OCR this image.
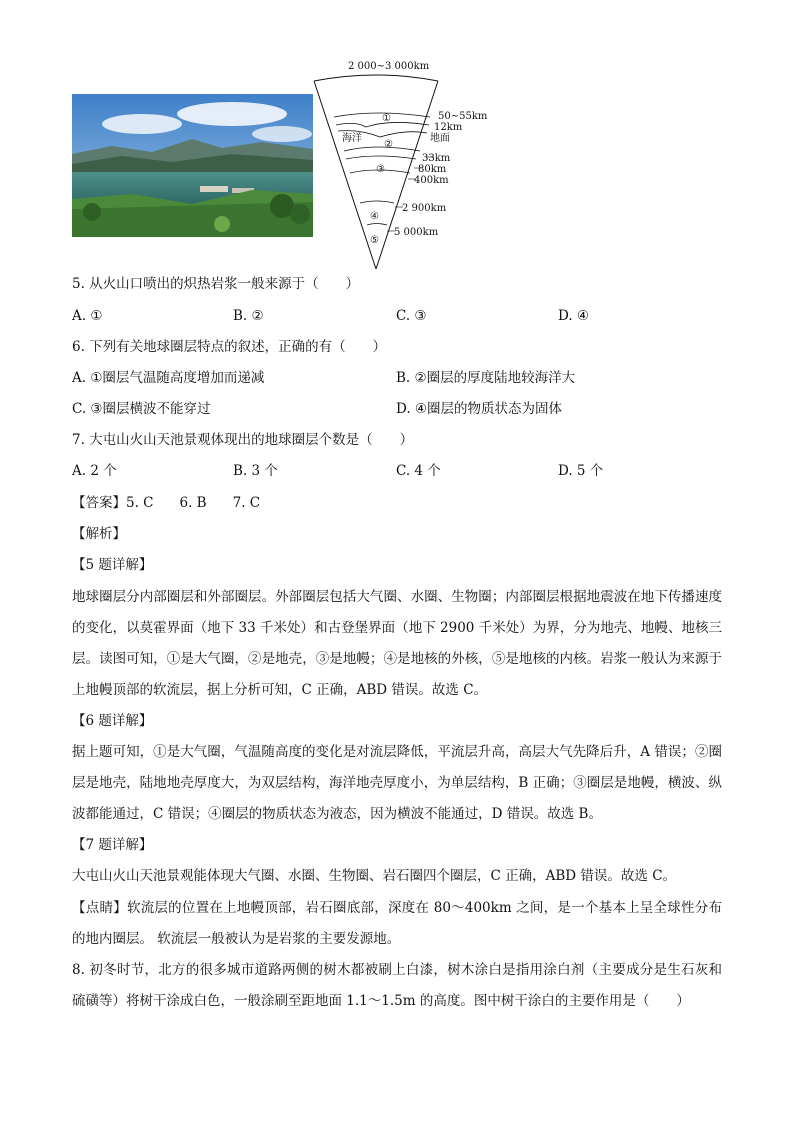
2 000~3 000km
①
②
③
④
⑤
海洋
50~55km
12km
地面
33km
80km
400km
2 900km
5 000km
5. 从火山口喷出的炽热岩浆一般来源于（　　）
A. ①	B. ②	C. ③	D. ④
6. 下列有关地球圈层特点的叙述，正确的有（　　）
A. ①圈层气温随高度增加而递减	B. ②圈层的厚度陆地较海洋大
C. ③圈层横波不能穿过	D. ④圈层的物质状态为固体
7. 大屯山火山天池景观体现出的地球圈层个数是（　　）
A. 2 个	B. 3 个	C. 4 个	D. 5 个
【答案】5. C 6. B 7. C
【解析】
【5 题详解】
地球圈层分内部圈层和外部圈层。外部圈层包括大气圈、水圈、生物圈；内部圈层根据地震波在地下传播速度的变化，以莫霍界面（地下 33 千米处）和古登堡界面（地下 2900 千米处）为界，分为地壳、地幔、地核三层。读图可知，①是大气圈，②是地壳，③是地幔；④是地核的外核，⑤是地核的内核。岩浆一般认为来源于上地幔顶部的软流层，据上分析可知，C 正确，ABD 错误。故选 C。
【6 题详解】
据上题可知，①是大气圈，气温随高度的变化是对流层降低，平流层升高，高层大气先降后升，A 错误；②圈层是地壳，陆地地壳厚度大，为双层结构，海洋地壳厚度小，为单层结构，B 正确；③圈层是地幔，横波、纵波都能通过，C 错误；④圈层的物质状态为液态，因为横波不能通过，D 错误。故选 B。
【7 题详解】
大屯山火山天池景观能体现大气圈、水圈、生物圈、岩石圈四个圈层，C 正确，ABD 错误。故选 C。
【点睛】软流层的位置在上地幔顶部，岩石圈底部，深度在 80～400km 之间，是一个基本上呈全球性分布的地内圈层。 软流层一般被认为是岩浆的主要发源地。
8. 初冬时节，北方的很多城市道路两侧的树木都被刷上白漆，树木涂白是指用涂白剂（主要成分是生石灰和硫磺等）将树干涂成白色，一般涂刷至距地面 1.1～1.5m 的高度。图中树干涂白的主要作用是（　　）
